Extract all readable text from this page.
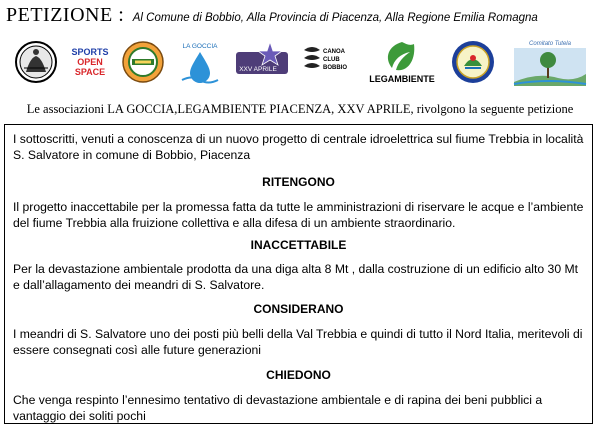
PETIZIONE : Al Comune di Bobbio, Alla Provincia di Piacenza, Alla Regione Emilia Romagna
SPORTS
OPEN
SPACE
LA GOCCIA
XXV APRILE
CANOA
CLUB
BOBBIO
LEGAMBIENTE
Comitato Tutela
Le associazioni LA GOCCIA,LEGAMBIENTE PIACENZA, XXV APRILE, rivolgono la seguente petizione

I sottoscritti, venuti a conoscenza di un nuovo progetto di centrale idroelettrica sul fiume Trebbia in località S. Salvatore in comune di Bobbio, Piacenza

RITENGONO

Il progetto inaccettabile per la promessa fatta da tutte le amministrazioni di riservare le acque e l’ambiente del fiume Trebbia alla fruizione collettiva e alla difesa di un ambiente straordinario.

INACCETTABILE

Per la devastazione ambientale prodotta da una diga alta 8 Mt , dalla costruzione di un edificio alto 30 Mt e dall’allagamento dei meandri di S. Salvatore.

CONSIDERANO

I meandri di S. Salvatore uno dei posti più belli della Val Trebbia e quindi di tutto il Nord Italia, meritevoli di essere consegnati così alle future generazioni

CHIEDONO

Che venga respinto l’ennesimo tentativo di devastazione ambientale e di rapina dei beni pubblici a vantaggio dei soliti pochi
